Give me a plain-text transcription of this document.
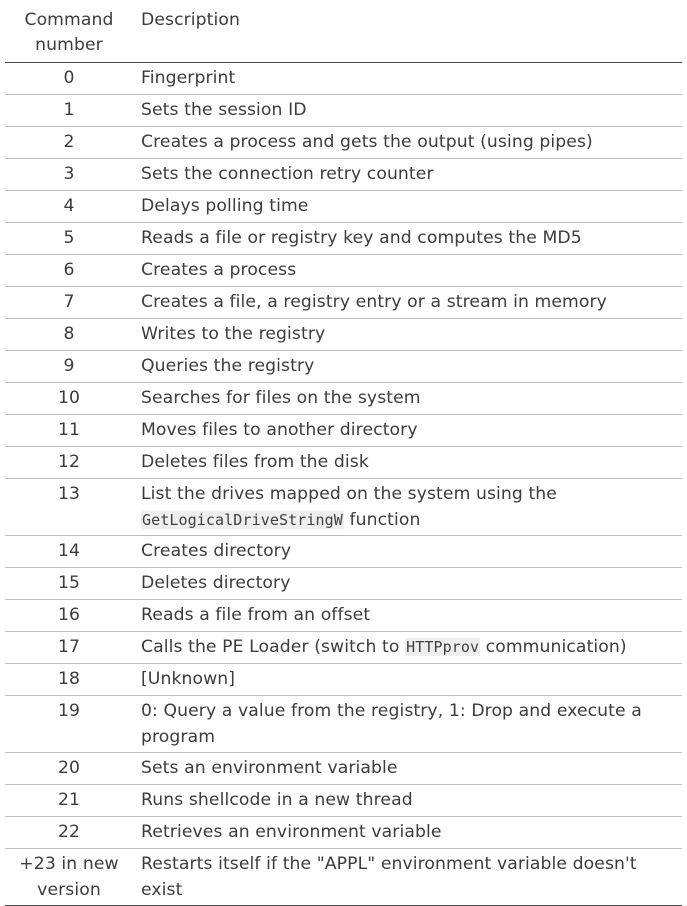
Command number	Description
0	Fingerprint
1	Sets the session ID
2	Creates a process and gets the output (using pipes)
3	Sets the connection retry counter
4	Delays polling time
5	Reads a file or registry key and computes the MD5
6	Creates a process
7	Creates a file, a registry entry or a stream in memory
8	Writes to the registry
9	Queries the registry
10	Searches for files on the system
11	Moves files to another directory
12	Deletes files from the disk
13	List the drives mapped on the system using the GetLogicalDriveStringW function
14	Creates directory
15	Deletes directory
16	Reads a file from an offset
17	Calls the PE Loader (switch to HTTPprov communication)
18	[Unknown]
19	0: Query a value from the registry, 1: Drop and execute a program
20	Sets an environment variable
21	Runs shellcode in a new thread
22	Retrieves an environment variable
+23 in new version	Restarts itself if the "APPL" environment variable doesn't exist
